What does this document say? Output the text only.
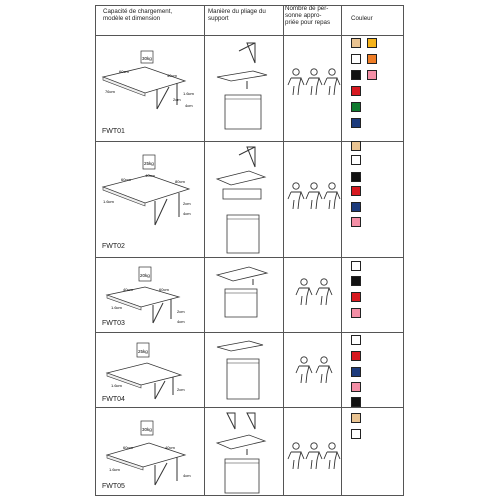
Capacité de chargement,
modèle et dimension
Manière du pliage du
support
Nombre de per-
sonne appro-
priée pour repas
Couleur
30kg
60cm
40cm
76cm	1.6cm
2cm
4cm
FWT01
25kg
60cm
40cm
80cm
1.6cm	2cm
4cm
FWT02
20kg
40cm	60cm
1.6cm
2cm
4cm
FWT03
25kg
1.6cm
2cm
FWT04
30kg
60cm	40cm
1.6cm
4cm
FWT05
